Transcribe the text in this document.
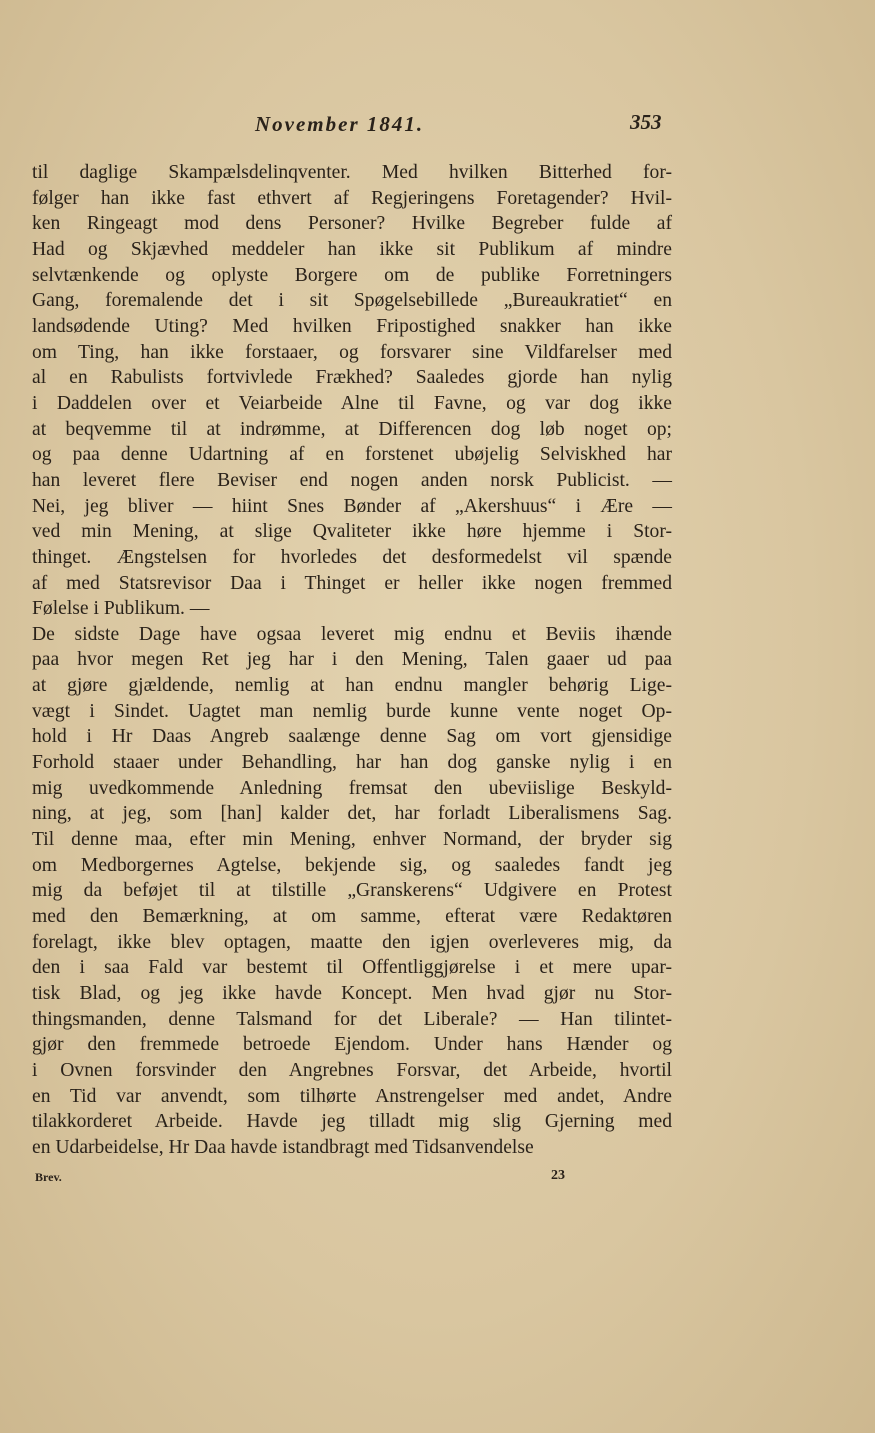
November 1841.	353
til daglige Skampælsdelinqventer. Med hvilken Bitterhed for-
følger han ikke fast ethvert af Regjeringens Foretagender? Hvil-
ken Ringeagt mod dens Personer? Hvilke Begreber fulde af
Had og Skjævhed meddeler han ikke sit Publikum af mindre
selvtænkende og oplyste Borgere om de publike Forretningers
Gang, foremalende det i sit Spøgelsebillede „Bureaukratiet“ en
landsødende Uting? Med hvilken Fripostighed snakker han ikke
om Ting, han ikke forstaaer, og forsvarer sine Vildfarelser med
al en Rabulists fortvivlede Frækhed? Saaledes gjorde han nylig
i Daddelen over et Veiarbeide Alne til Favne, og var dog ikke
at beqvemme til at indrømme, at Differencen dog løb noget op;
og paa denne Udartning af en forstenet ubøjelig Selviskhed har
han leveret flere Beviser end nogen anden norsk Publicist. —
Nei, jeg bliver — hiint Snes Bønder af „Akershuus“ i Ære —
ved min Mening, at slige Qvaliteter ikke høre hjemme i Stor-
thinget. Ængstelsen for hvorledes det desformedelst vil spænde
af med Statsrevisor Daa i Thinget er heller ikke nogen fremmed
Følelse i Publikum. —
De sidste Dage have ogsaa leveret mig endnu et Beviis ihænde
paa hvor megen Ret jeg har i den Mening, Talen gaaer ud paa
at gjøre gjældende, nemlig at han endnu mangler behørig Lige-
vægt i Sindet. Uagtet man nemlig burde kunne vente noget Op-
hold i Hr Daas Angreb saalænge denne Sag om vort gjensidige
Forhold staaer under Behandling, har han dog ganske nylig i en
mig uvedkommende Anledning fremsat den ubeviislige Beskyld-
ning, at jeg, som [han] kalder det, har forladt Liberalismens Sag.
Til denne maa, efter min Mening, enhver Normand, der bryder sig
om Medborgernes Agtelse, bekjende sig, og saaledes fandt jeg
mig da beføjet til at tilstille „Granskerens“ Udgivere en Protest
med den Bemærkning, at om samme, efterat være Redaktøren
forelagt, ikke blev optagen, maatte den igjen overleveres mig, da
den i saa Fald var bestemt til Offentliggjørelse i et mere upar-
tisk Blad, og jeg ikke havde Koncept. Men hvad gjør nu Stor-
thingsmanden, denne Talsmand for det Liberale? — Han tilintet-
gjør den fremmede betroede Ejendom. Under hans Hænder og
i Ovnen forsvinder den Angrebnes Forsvar, det Arbeide, hvortil
en Tid var anvendt, som tilhørte Anstrengelser med andet, Andre
tilakkorderet Arbeide. Havde jeg tilladt mig slig Gjerning med
en Udarbeidelse, Hr Daa havde istandbragt med Tidsanvendelse
Brev.	23
